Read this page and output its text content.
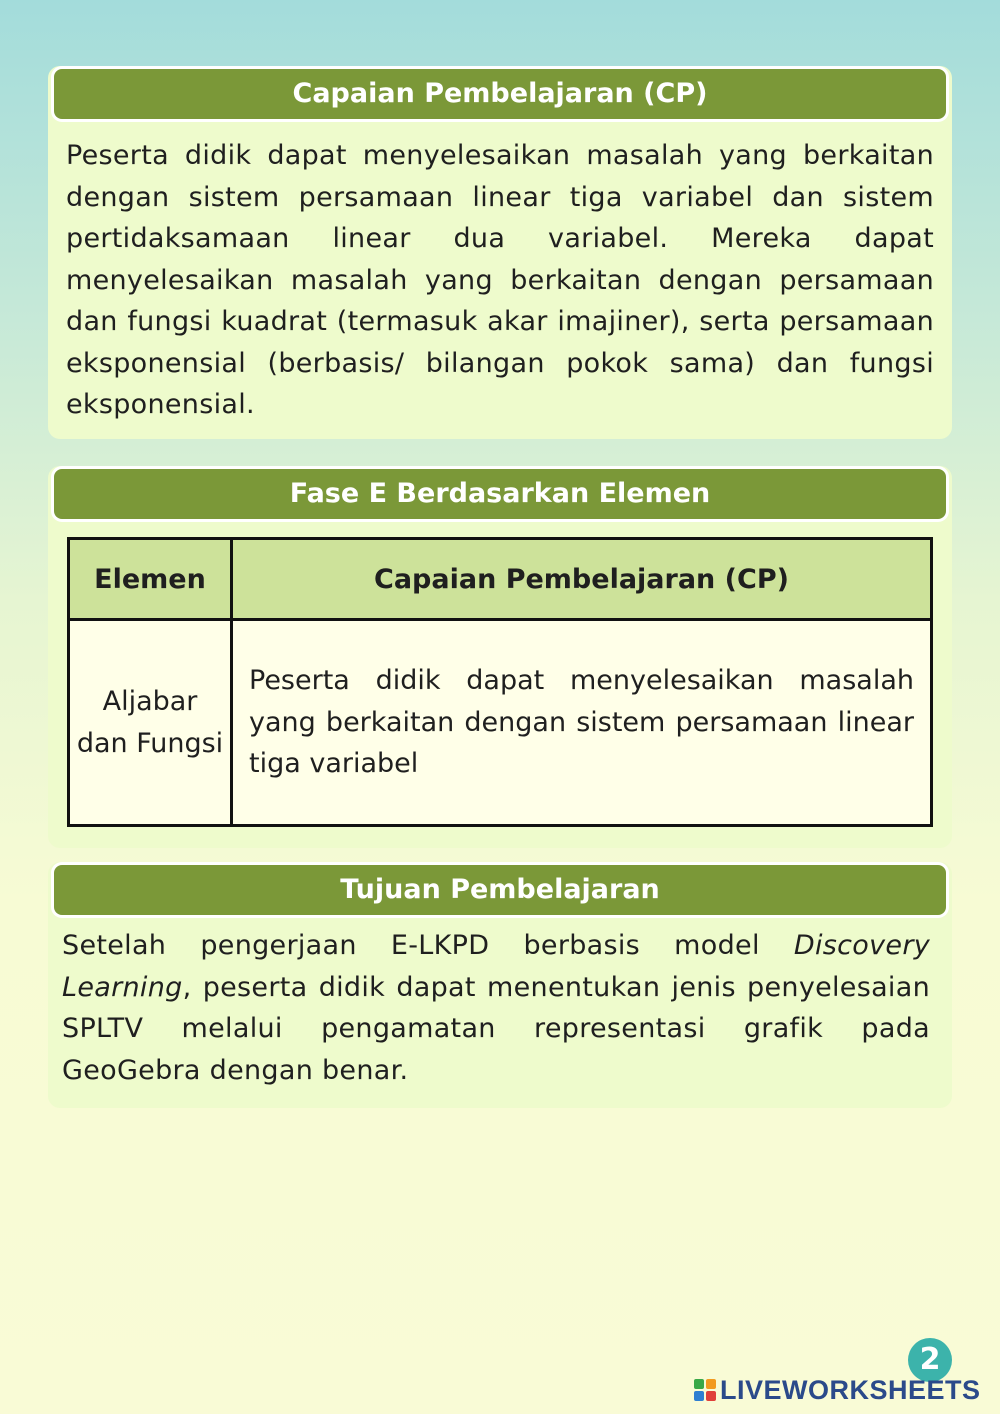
Capaian Pembelajaran (CP)
Peserta didik dapat menyelesaikan masalah yang berkaitan dengan sistem persamaan linear tiga variabel dan sistem pertidaksamaan linear dua variabel. Mereka dapat menyelesaikan masalah yang berkaitan dengan persamaan dan fungsi kuadrat (termasuk akar imajiner), serta persamaan eksponensial (berbasis/ bilangan pokok sama) dan fungsi eksponensial.
Fase E Berdasarkan Elemen
Elemen	Capaian Pembelajaran (CP)
Aljabar dan Fungsi	Peserta didik dapat menyelesaikan masalah yang berkaitan dengan sistem persamaan linear tiga variabel
Tujuan Pembelajaran
Setelah pengerjaan E-LKPD berbasis model Discovery Learning, peserta didik dapat menentukan jenis penyelesaian SPLTV melalui pengamatan representasi grafik pada GeoGebra dengan benar.
2
LIVEWORKSHEETS
